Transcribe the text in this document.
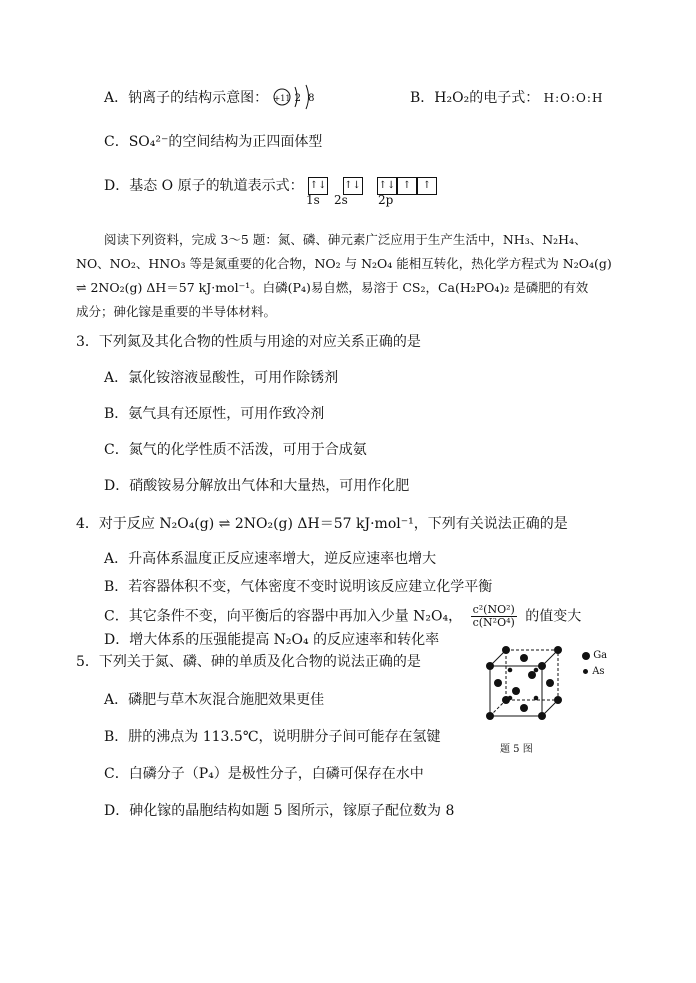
A．钠离子的结构示意图： +11 2 8	B．H₂O₂的电子式： H:O:O:H
C．SO₄²⁻的空间结构为正四面体型
D．基态 O 原子的轨道表示式： ↑↓ ↑↓ ↑↓ ↑ ↑
1s 2s	2p
阅读下列资料，完成 3～5 题：氮、磷、砷元素广泛应用于生产生活中，NH₃、N₂H₄、
NO、NO₂、HNO₃ 等是氮重要的化合物，NO₂ 与 N₂O₄ 能相互转化，热化学方程式为 N₂O₄(g)
⇌ 2NO₂(g) ΔH＝57 kJ·mol⁻¹。白磷(P₄)易自燃，易溶于 CS₂，Ca(H₂PO₄)₂ 是磷肥的有效
成分；砷化镓是重要的半导体材料。
3．下列氮及其化合物的性质与用途的对应关系正确的是
A．氯化铵溶液显酸性，可用作除锈剂
B．氨气具有还原性，可用作致冷剂
C．氮气的化学性质不活泼，可用于合成氨
D．硝酸铵易分解放出气体和大量热，可用作化肥
4．对于反应 N₂O₄(g) ⇌ 2NO₂(g) ΔH＝57 kJ·mol⁻¹，下列有关说法正确的是
A．升高体系温度正反应速率增大，逆反应速率也增大
B．若容器体积不变，气体密度不变时说明该反应建立化学平衡
C．其它条件不变，向平衡后的容器中再加入少量 N₂O₄， $\frac{\text{c²(NO²)}}{\text{c(N²O⁴)}}$ 的值变大
D．增大体系的压强能提高 N₂O₄ 的反应速率和转化率
5．下列关于氮、磷、砷的单质及化合物的说法正确的是
A．磷肥与草木灰混合施肥效果更佳
B．肼的沸点为 113.5℃，说明肼分子间可能存在氢键
C．白磷分子（P₄）是极性分子，白磷可保存在水中
D．砷化镓的晶胞结构如题 5 图所示，镓原子配位数为 8
Ga
As
题 5 图
